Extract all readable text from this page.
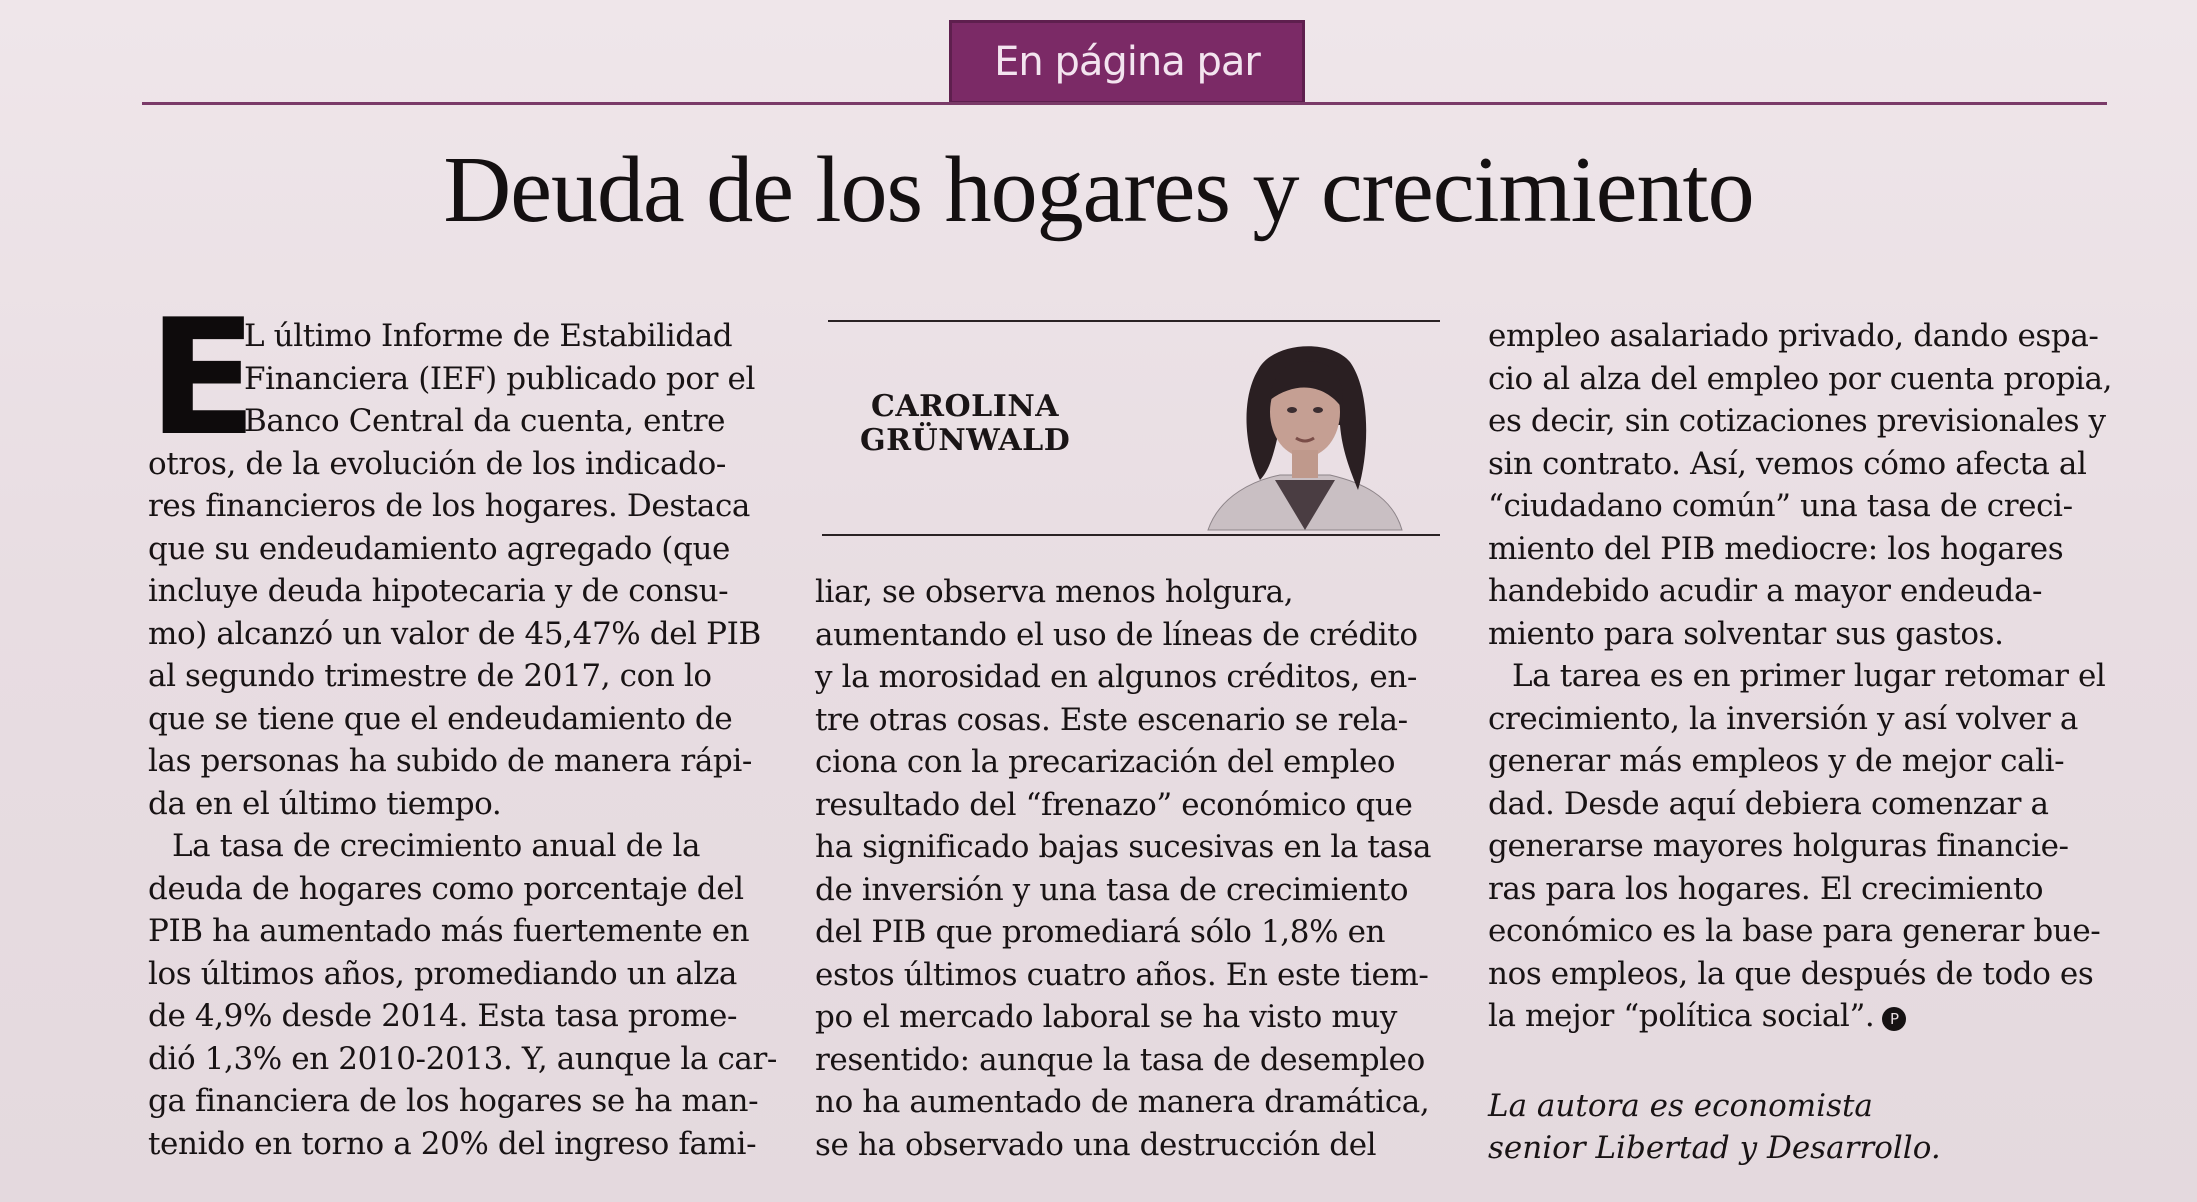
En página par
Deuda de los hogares y crecimiento
E
L último Informe de Estabilidad
Financiera (IEF) publicado por el
Banco Central da cuenta, entre
otros, de la evolución de los indicado-
res financieros de los hogares. Destaca
que su endeudamiento agregado (que
incluye deuda hipotecaria y de consu-
mo) alcanzó un valor de 45,47% del PIB
al segundo trimestre de 2017, con lo
que se tiene que el endeudamiento de
las personas ha subido de manera rápi-
da en el último tiempo.
La tasa de crecimiento anual de la
deuda de hogares como porcentaje del
PIB ha aumentado más fuertemente en
los últimos años, promediando un alza
de 4,9% desde 2014. Esta tasa prome-
dió 1,3% en 2010-2013. Y, aunque la car-
ga financiera de los hogares se ha man-
tenido en torno a 20% del ingreso fami-
CAROLINA
GRÜNWALD
liar, se observa menos holgura,
aumentando el uso de líneas de crédito
y la morosidad en algunos créditos, en-
tre otras cosas. Este escenario se rela-
ciona con la precarización del empleo
resultado del “frenazo” económico que
ha significado bajas sucesivas en la tasa
de inversión y una tasa de crecimiento
del PIB que promediará sólo 1,8% en
estos últimos cuatro años. En este tiem-
po el mercado laboral se ha visto muy
resentido: aunque la tasa de desempleo
no ha aumentado de manera dramática,
se ha observado una destrucción del
empleo asalariado privado, dando espa-
cio al alza del empleo por cuenta propia,
es decir, sin cotizaciones previsionales y
sin contrato. Así, vemos cómo afecta al
“ciudadano común” una tasa de creci-
miento del PIB mediocre: los hogares
handebido acudir a mayor endeuda-
miento para solventar sus gastos.
La tarea es en primer lugar retomar el
crecimiento, la inversión y así volver a
generar más empleos y de mejor cali-
dad. Desde aquí debiera comenzar a
generarse mayores holguras financie-
ras para los hogares. El crecimiento
económico es la base para generar bue-
nos empleos, la que después de todo es
la mejor “política social”. P
La autora es economista
senior Libertad y Desarrollo.
